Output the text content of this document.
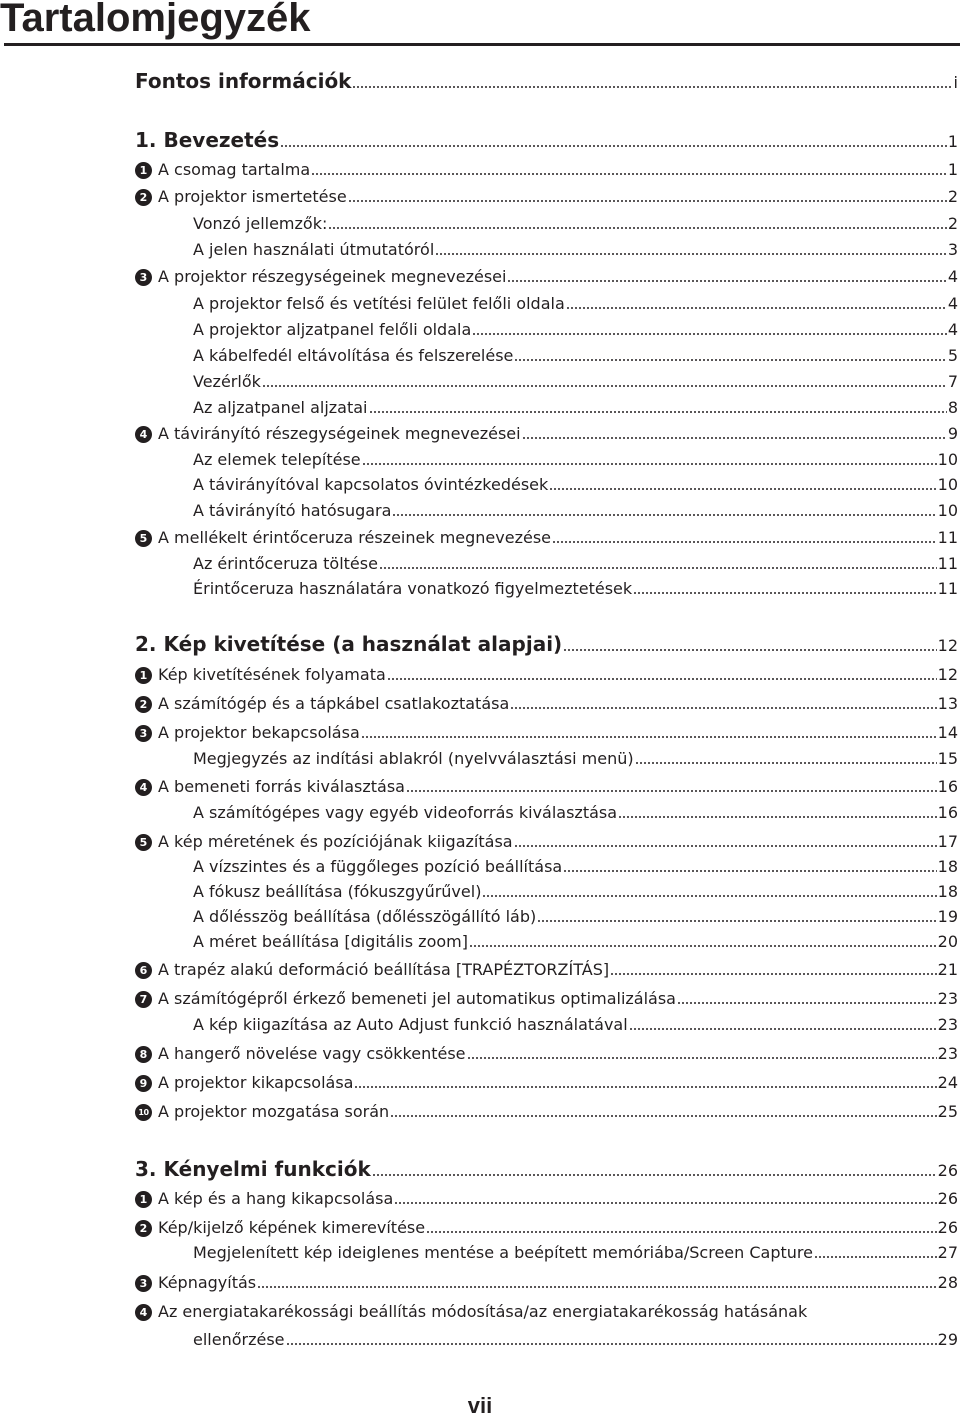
Tartalomjegyzék
Fontos információk	i
1. Bevezetés	1
1 A csomag tartalma	1
2 A projektor ismertetése	2
Vonzó jellemzők:	2
A jelen használati útmutatóról	3
3 A projektor részegységeinek megnevezései	4
A projektor felső és vetítési felület felőli oldala	4
A projektor aljzatpanel felőli oldala	4
A kábelfedél eltávolítása és felszerelése	5
Vezérlők	7
Az aljzatpanel aljzatai	8
4 A távirányító részegységeinek megnevezései	9
Az elemek telepítése	10
A távirányítóval kapcsolatos óvintézkedések	10
A távirányító hatósugara	10
5 A mellékelt érintőceruza részeinek megnevezése	11
Az érintőceruza töltése	11
Érintőceruza használatára vonatkozó figyelmeztetések	11
2. Kép kivetítése (a használat alapjai)	12
1 Kép kivetítésének folyamata	12
2 A számítógép és a tápkábel csatlakoztatása	13
3 A projektor bekapcsolása	14
Megjegyzés az indítási ablakról (nyelvválasztási menü)	15
4 A bemeneti forrás kiválasztása	16
A számítógépes vagy egyéb videoforrás kiválasztása	16
5 A kép méretének és pozíciójának kiigazítása	17
A vízszintes és a függőleges pozíció beállítása	18
A fókusz beállítása (fókuszgyűrűvel)	18
A dőlésszög beállítása (dőlésszögállító láb)	19
A méret beállítása [digitális zoom]	20
6 A trapéz alakú deformáció beállítása [TRAPÉZTORZÍTÁS]	21
7 A számítógépről érkező bemeneti jel automatikus optimalizálása	23
A kép kiigazítása az Auto Adjust funkció használatával	23
8 A hangerő növelése vagy csökkentése	23
9 A projektor kikapcsolása	24
10 A projektor mozgatása során	25
3. Kényelmi funkciók	26
1 A kép és a hang kikapcsolása	26
2 Kép/kijelző képének kimerevítése	26
Megjelenített kép ideiglenes mentése a beépített memóriába/Screen Capture	27
3 Képnagyítás	28
4 Az energiatakarékossági beállítás módosítása/az energiatakarékosság hatásának
ellenőrzése	29
vii
